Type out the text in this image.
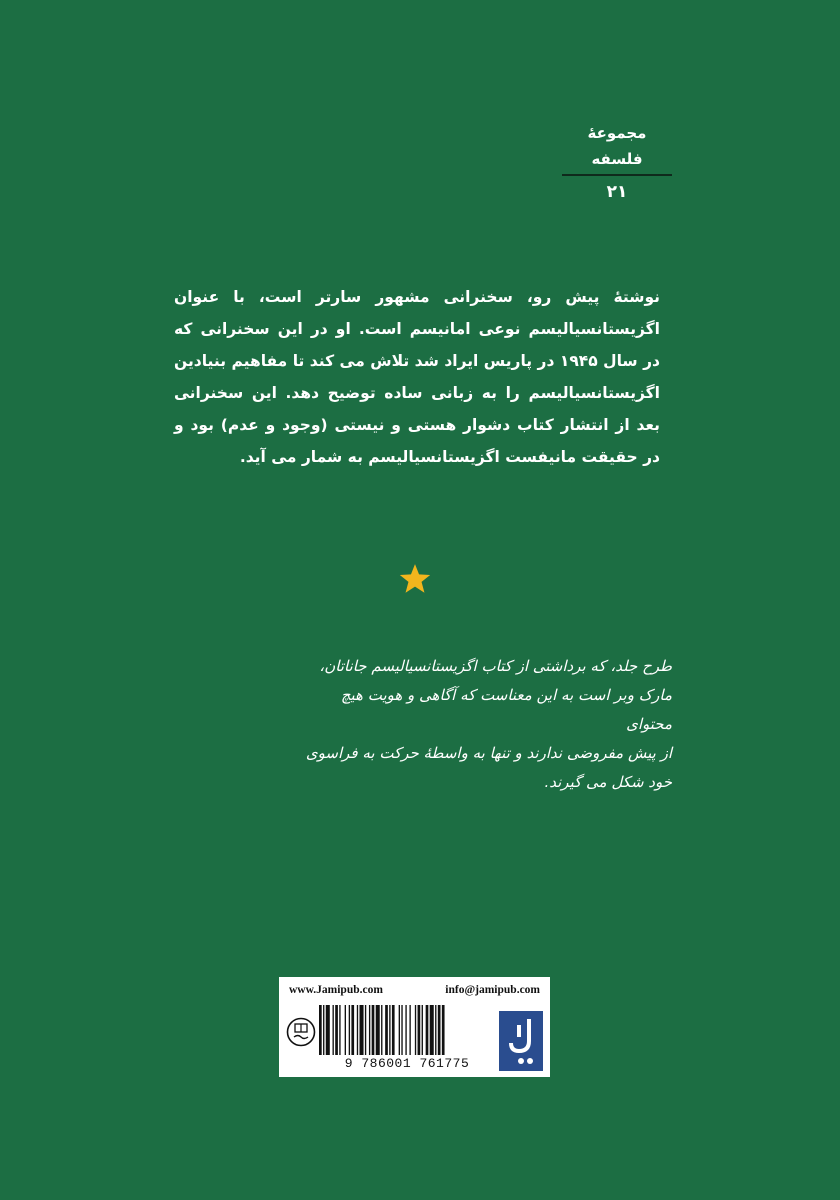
مجموعهٔ فلسفه
۲۱

نوشتهٔ پیش رو، سخنرانی مشهور سارتر است، با عنوان اگزیستانسیالیسم نوعی امانیسم است. او در این سخنرانی که در سال ۱۹۴۵ در پاریس ایراد شد تلاش می کند تا مفاهیم بنیادین اگزیستانسیالیسم را به زبانی ساده توضیح دهد. این سخنرانی بعد از انتشار کتاب دشوار هستی و نیستی (وجود و عدم) بود و در حقیقت مانیفست اگزیستانسیالیسم به شمار می آید.

طرح جلد، که برداشتی از کتاب اگزیستانسیالیسم جاناتان،
مارک وبر است به این معناست که آگاهی و هویت هیچ محتوای
از پیش مفروضی ندارند و تنها به واسطهٔ حرکت به فراسوی
خود شکل می گیرند.
www.Jamipub.com	info@jamipub.com
9 786001 761775
